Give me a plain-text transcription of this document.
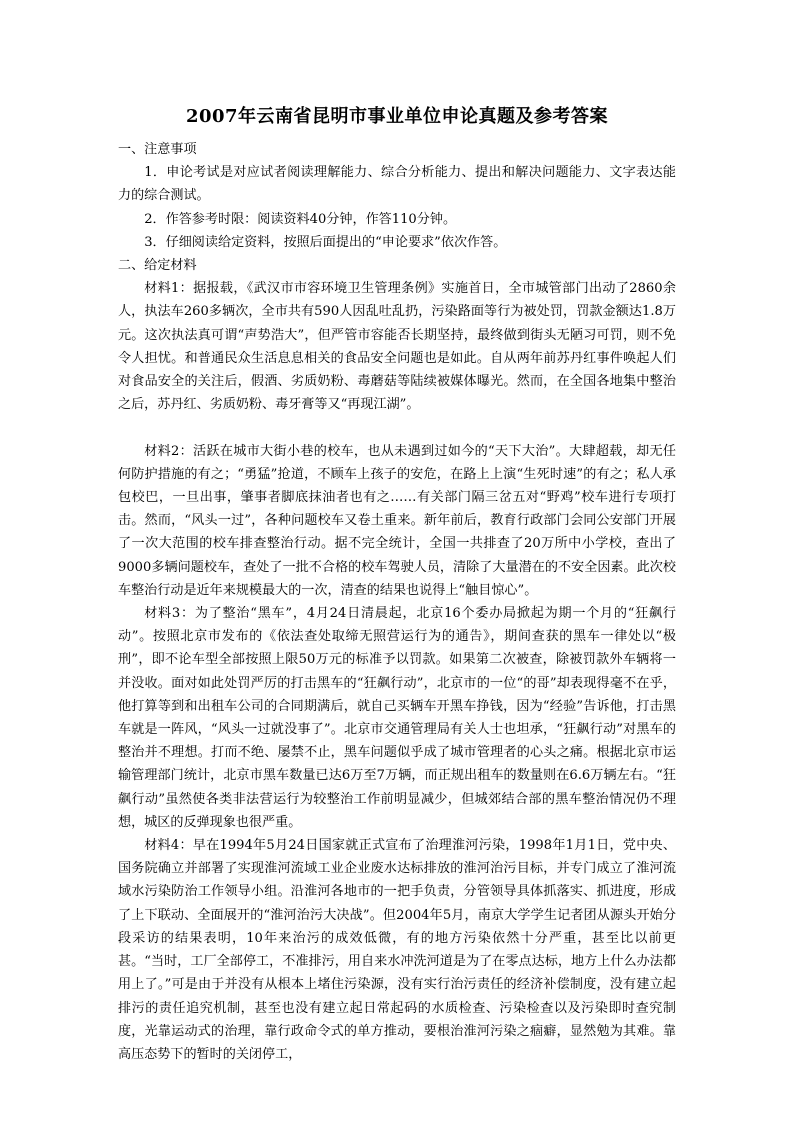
2007年云南省昆明市事业单位申论真题及参考答案

一、注意事项

1．申论考试是对应试者阅读理解能力、综合分析能力、提出和解决问题能力、文字表达能力的综合测试。

2．作答参考时限：阅读资料40分钟，作答110分钟。

3．仔细阅读给定资料，按照后面提出的“申论要求”依次作答。

二、给定材料

材料1：据报载，《武汉市市容环境卫生管理条例》实施首日，全市城管部门出动了2860余人，执法车260多辆次，全市共有590人因乱吐乱扔，污染路面等行为被处罚，罚款金额达1.8万元。这次执法真可谓“声势浩大”，但严管市容能否长期坚持，最终做到街头无陋习可罚，则不免令人担忧。和普通民众生活息息相关的食品安全问题也是如此。自从两年前苏丹红事件唤起人们对食品安全的关注后，假酒、劣质奶粉、毒蘑菇等陆续被媒体曝光。然而，在全国各地集中整治之后，苏丹红、劣质奶粉、毒牙膏等又“再现江湖”。

材料2：活跃在城市大街小巷的校车，也从未遇到过如今的“天下大治”。大肆超载，却无任何防护措施的有之；“勇猛”抢道，不顾车上孩子的安危，在路上上演“生死时速”的有之；私人承包校巴，一旦出事，肇事者脚底抹油者也有之……有关部门隔三岔五对“野鸡”校车进行专项打击。然而，“风头一过”，各种问题校车又卷土重来。新年前后，教育行政部门会同公安部门开展了一次大范围的校车排查整治行动。据不完全统计，全国一共排查了20万所中小学校，查出了9000多辆问题校车，查处了一批不合格的校车驾驶人员，清除了大量潜在的不安全因素。此次校车整治行动是近年来规模最大的一次，清查的结果也说得上“触目惊心”。

材料3：为了整治“黑车”，4月24日清晨起，北京16个委办局掀起为期一个月的“狂飙行动”。按照北京市发布的《依法查处取缔无照营运行为的通告》，期间查获的黑车一律处以“极刑”，即不论车型全部按照上限50万元的标准予以罚款。如果第二次被查，除被罚款外车辆将一并没收。面对如此处罚严厉的打击黑车的“狂飙行动”，北京市的一位“的哥”却表现得毫不在乎，他打算等到和出租车公司的合同期满后，就自己买辆车开黑车挣钱，因为“经验”告诉他，打击黑车就是一阵风，“风头一过就没事了”。北京市交通管理局有关人士也坦承，“狂飙行动”对黑车的整治并不理想。打而不绝、屡禁不止，黑车问题似乎成了城市管理者的心头之痛。根据北京市运输管理部门统计，北京市黑车数量已达6万至7万辆，而正规出租车的数量则在6.6万辆左右。“狂飙行动”虽然使各类非法营运行为较整治工作前明显减少，但城郊结合部的黑车整治情况仍不理想，城区的反弹现象也很严重。

材料4：早在1994年5月24日国家就正式宣布了治理淮河污染，1998年1月1日，党中央、国务院确立并部署了实现淮河流域工业企业废水达标排放的淮河治污目标，并专门成立了淮河流域水污染防治工作领导小组。沿淮河各地市的一把手负责，分管领导具体抓落实、抓进度，形成了上下联动、全面展开的“淮河治污大决战”。但2004年5月，南京大学学生记者团从源头开始分段采访的结果表明，10年来治污的成效低微，有的地方污染依然十分严重，甚至比以前更甚。“当时，工厂全部停工，不准排污，用自来水冲洗河道是为了在零点达标，地方上什么办法都用上了。”可是由于并没有从根本上堵住污染源，没有实行治污责任的经济补偿制度，没有建立起排污的责任追究机制，甚至也没有建立起日常起码的水质检查、污染检查以及污染即时查究制度，光靠运动式的治理，靠行政命令式的单方推动，要根治淮河污染之痼癖，显然勉为其难。靠高压态势下的暂时的关闭停工，
